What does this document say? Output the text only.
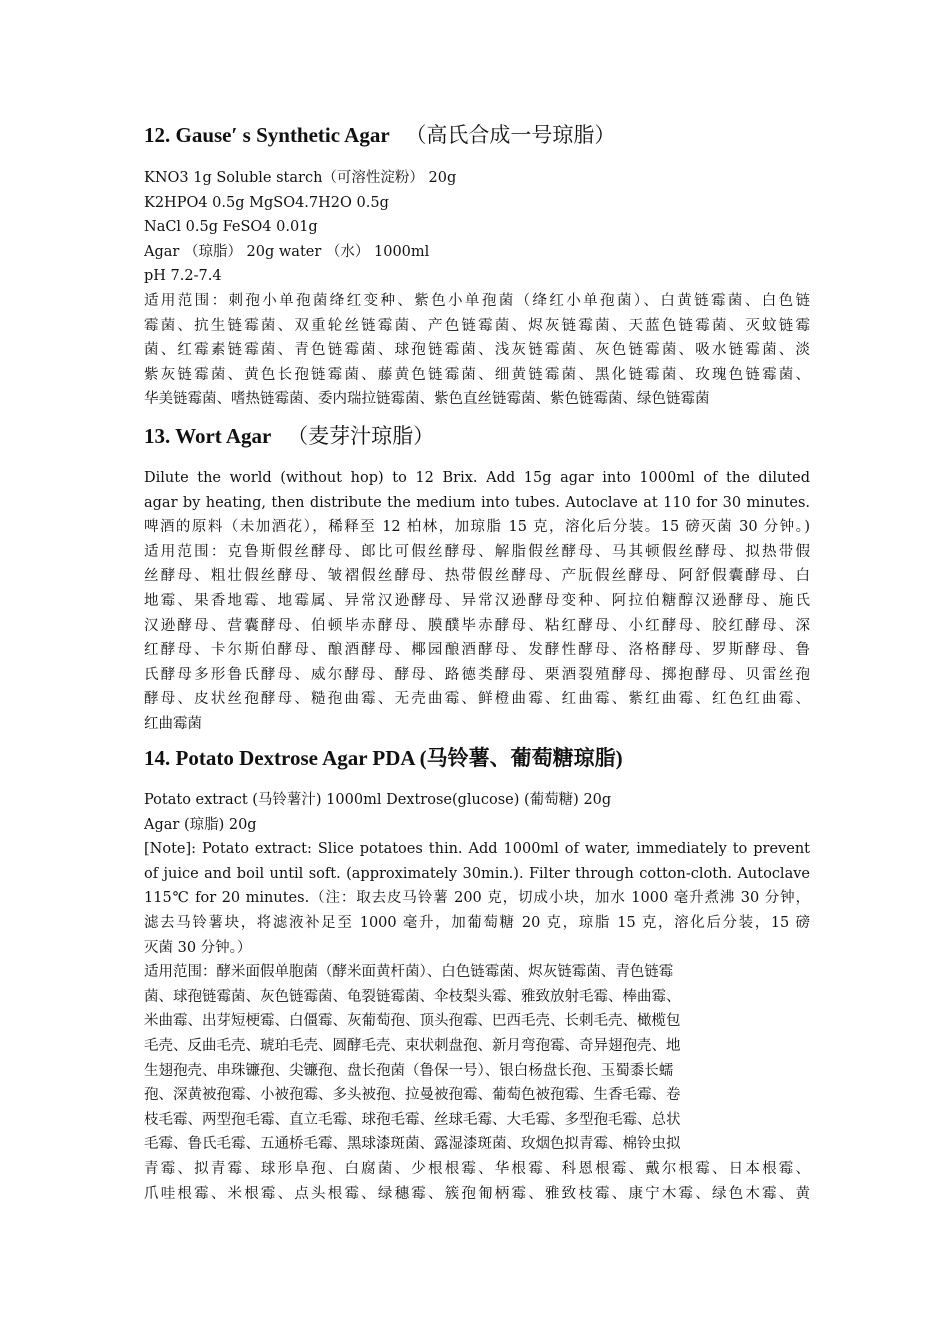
12. Gause′ s Synthetic Agar （高氏合成一号琼脂）
KNO3 1g Soluble starch（可溶性淀粉） 20g
K2HPO4 0.5g MgSO4.7H2O 0.5g
NaCl 0.5g FeSO4 0.01g
Agar （琼脂） 20g water （水） 1000ml
pH 7.2-7.4
适用范围：刺孢小单孢菌绛红变种、紫色小单孢菌（绛红小单孢菌）、白黄链霉菌、白色链
霉菌、抗生链霉菌、双重轮丝链霉菌、产色链霉菌、烬灰链霉菌、天蓝色链霉菌、灭蚊链霉
菌、红霉素链霉菌、青色链霉菌、球孢链霉菌、浅灰链霉菌、灰色链霉菌、吸水链霉菌、淡
紫灰链霉菌、黄色长孢链霉菌、藤黄色链霉菌、细黄链霉菌、黑化链霉菌、玫瑰色链霉菌、
华美链霉菌、嗜热链霉菌、委内瑞拉链霉菌、紫色直丝链霉菌、紫色链霉菌、绿色链霉菌
13. Wort Agar （麦芽汁琼脂）
Dilute the world (without hop) to 12 Brix. Add 15g agar into 1000ml of the diluted
agar by heating, then distribute the medium into tubes. Autoclave at 110 for 30 minutes.
啤酒的原料（未加酒花），稀释至 12 柏林，加琼脂 15 克，溶化后分装。15 磅灭菌 30 分钟。)
适用范围：克鲁斯假丝酵母、郎比可假丝酵母、解脂假丝酵母、马其顿假丝酵母、拟热带假
丝酵母、粗壮假丝酵母、皱褶假丝酵母、热带假丝酵母、产朊假丝酵母、阿舒假囊酵母、白
地霉、果香地霉、地霉属、异常汉逊酵母、异常汉逊酵母变种、阿拉伯糖醇汉逊酵母、施氏
汉逊酵母、营囊酵母、伯顿毕赤酵母、膜醭毕赤酵母、粘红酵母、小红酵母、胶红酵母、深
红酵母、卡尔斯伯酵母、酿酒酵母、椰园酿酒酵母、发酵性酵母、洛格酵母、罗斯酵母、鲁
氏酵母多形鲁氏酵母、威尔酵母、酵母、路德类酵母、栗酒裂殖酵母、掷抱酵母、贝雷丝孢
酵母、皮状丝孢酵母、糙孢曲霉、无壳曲霉、鲜橙曲霉、红曲霉、紫红曲霉、红色红曲霉、
红曲霉菌
14. Potato Dextrose Agar PDA (马铃薯、葡萄糖琼脂)
Potato extract (马铃薯汁) 1000ml Dextrose(glucose) (葡萄糖) 20g
Agar (琼脂) 20g
[Note]: Potato extract: Slice potatoes thin. Add 1000ml of water, immediately to prevent
of juice and boil until soft. (approximately 30min.). Filter through cotton-cloth. Autoclave
115℃ for 20 minutes.（注：取去皮马铃薯 200 克，切成小块，加水 1000 毫升煮沸 30 分钟，
滤去马铃薯块，将滤液补足至 1000 毫升，加葡萄糖 20 克，琼脂 15 克，溶化后分装，15 磅
灭菌 30 分钟。）
适用范围：酵米面假单胞菌（酵米面黄杆菌）、白色链霉菌、烬灰链霉菌、青色链霉
菌、球孢链霉菌、灰色链霉菌、龟裂链霉菌、伞枝梨头霉、雅致放射毛霉、棒曲霉、
米曲霉、出芽短梗霉、白僵霉、灰葡萄孢、顶头孢霉、巴西毛壳、长刺毛壳、橄榄包
毛壳、反曲毛壳、琥珀毛壳、圆酵毛壳、束状刺盘孢、新月弯孢霉、奇异翅孢壳、地
生翅孢壳、串珠镰孢、尖镰孢、盘长孢菌（鲁保一号）、银白杨盘长孢、玉蜀黍长蠕
孢、深黄被孢霉、小被孢霉、多头被孢、拉曼被孢霉、葡萄色被孢霉、生香毛霉、卷
枝毛霉、两型孢毛霉、直立毛霉、球孢毛霉、丝球毛霉、大毛霉、多型孢毛霉、总状
毛霉、鲁氏毛霉、五通桥毛霉、黑球漆斑菌、露湿漆斑菌、玫烟色拟青霉、棉铃虫拟
青霉、拟青霉、球形阜孢、白腐菌、少根根霉、华根霉、科恩根霉、戴尔根霉、日本根霉、
爪哇根霉、米根霉、点头根霉、绿穗霉、簇孢匍柄霉、雅致枝霉、康宁木霉、绿色木霉、黄
